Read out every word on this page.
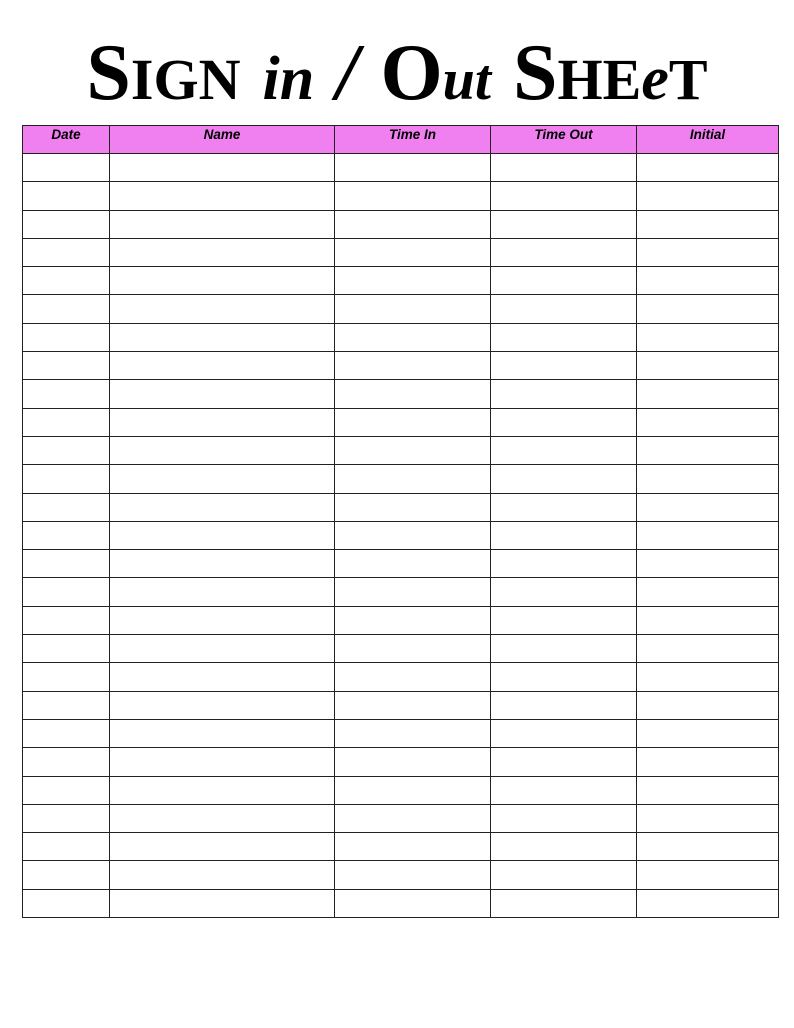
SIGN in / Out SHEeT
Date	Name	Time In	Time Out	Initial
